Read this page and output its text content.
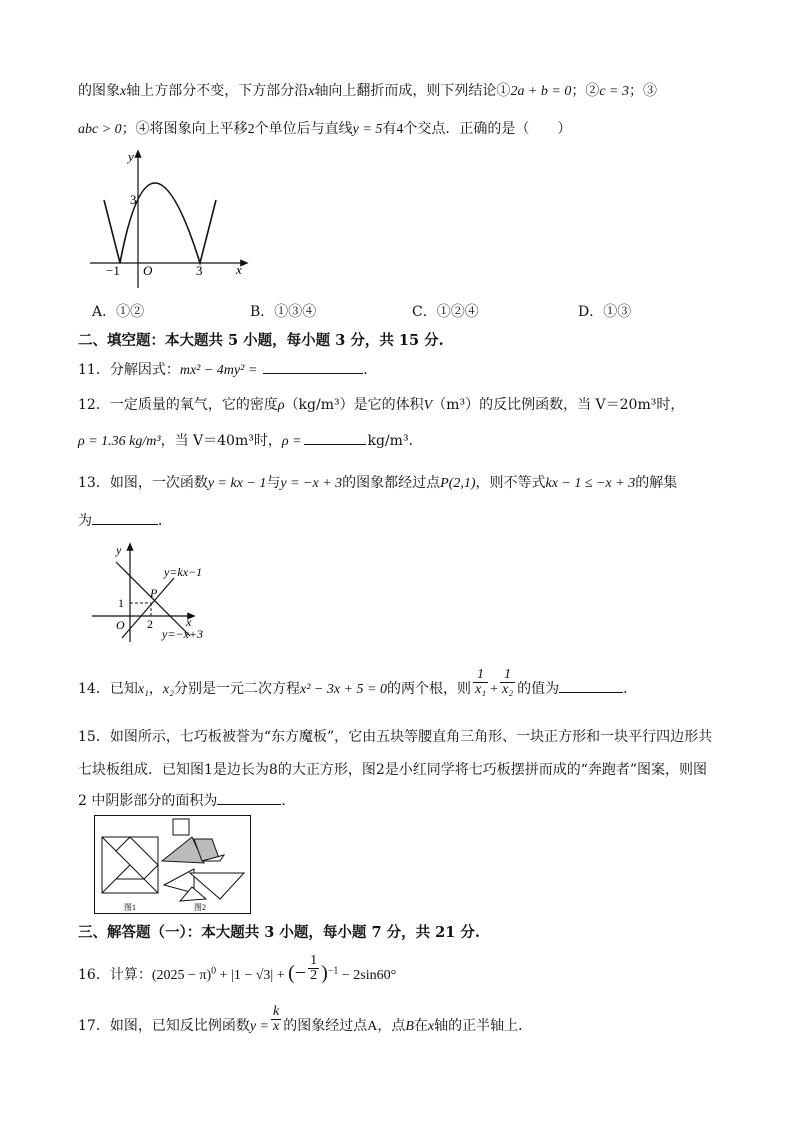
的图象x轴上方部分不变，下方部分沿x轴向上翻折而成，则下列结论①2a + b = 0；②c = 3；③
abc > 0；④将图象向上平移2个单位后与直线y = 5有4个交点．正确的是（　　）
y
x
3
−1 O	3
A．①②	B．①③④	C．①②④	D．①③
二、填空题：本大题共 5 小题，每小题 3 分，共 15 分.
11．分解因式：mx² − 4my² =	．
12．一定质量的氧气，它的密度ρ（kg/m³）是它的体积V（m³）的反比例函数，当 V＝20m³时，
ρ = 1.36 kg/m³，当 V＝40m³时，ρ =	kg/m³．
13．如图，一次函数y = kx − 1与y = −x + 3的图象都经过点P(2,1)，则不等式kx − 1 ≤ −x + 3的解集
为	．
y
x
y=kx−1
y=−x+3
P
1
2
O
14．已知x₁，x₂分别是一元二次方程x² − 3x + 5 = 0的两个根，则 $\frac{1}{\text{x₁}} + \frac{1}{\text{x₂}}$ 的值为	．
15．如图所示，七巧板被誉为“东方魔板”，它由五块等腰直角三角形、一块正方形和一块平行四边形共
七块板组成．已知图1是边长为8的大正方形，图2是小红同学将七巧板摆拼而成的“奔跑者”图案，则图
2 中阴影部分的面积为	．
图1	图2
三、解答题（一）：本大题共 3 小题，每小题 7 分，共 21 分.
16．计算：$(2025 - \pi)^0 + |1 - √3|$ + (− $\frac{1}{2} )^{-1} - 2\sin 60^\circ$
17．如图，已知反比例函数$y = \frac{k}{x}$ 的图象经过点A，点B在x轴的正半轴上．
